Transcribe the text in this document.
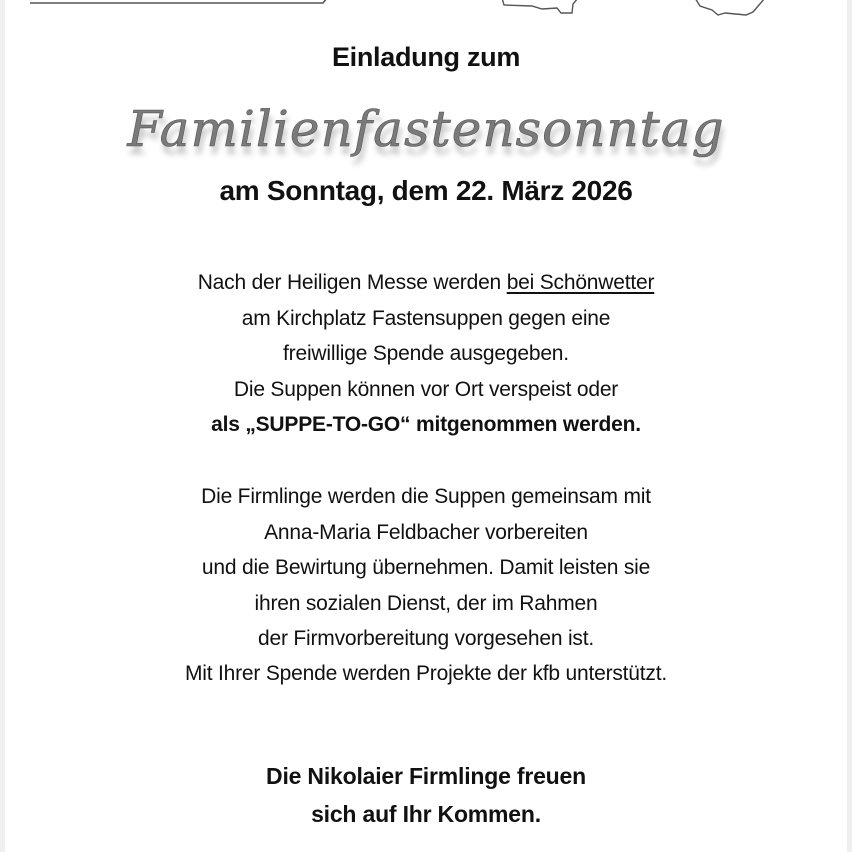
Einladung zum
Familienfastensonntag
am Sonntag, dem 22. März 2026
Nach der Heiligen Messe werden bei Schönwetter
am Kirchplatz Fastensuppen gegen eine
freiwillige Spende ausgegeben.
Die Suppen können vor Ort verspeist oder
als „SUPPE-TO-GO“ mitgenommen werden.
Die Firmlinge werden die Suppen gemeinsam mit
Anna-Maria Feldbacher vorbereiten
und die Bewirtung übernehmen. Damit leisten sie
ihren sozialen Dienst, der im Rahmen
der Firmvorbereitung vorgesehen ist.
Mit Ihrer Spende werden Projekte der kfb unterstützt.
Die Nikolaier Firmlinge freuen
sich auf Ihr Kommen.
